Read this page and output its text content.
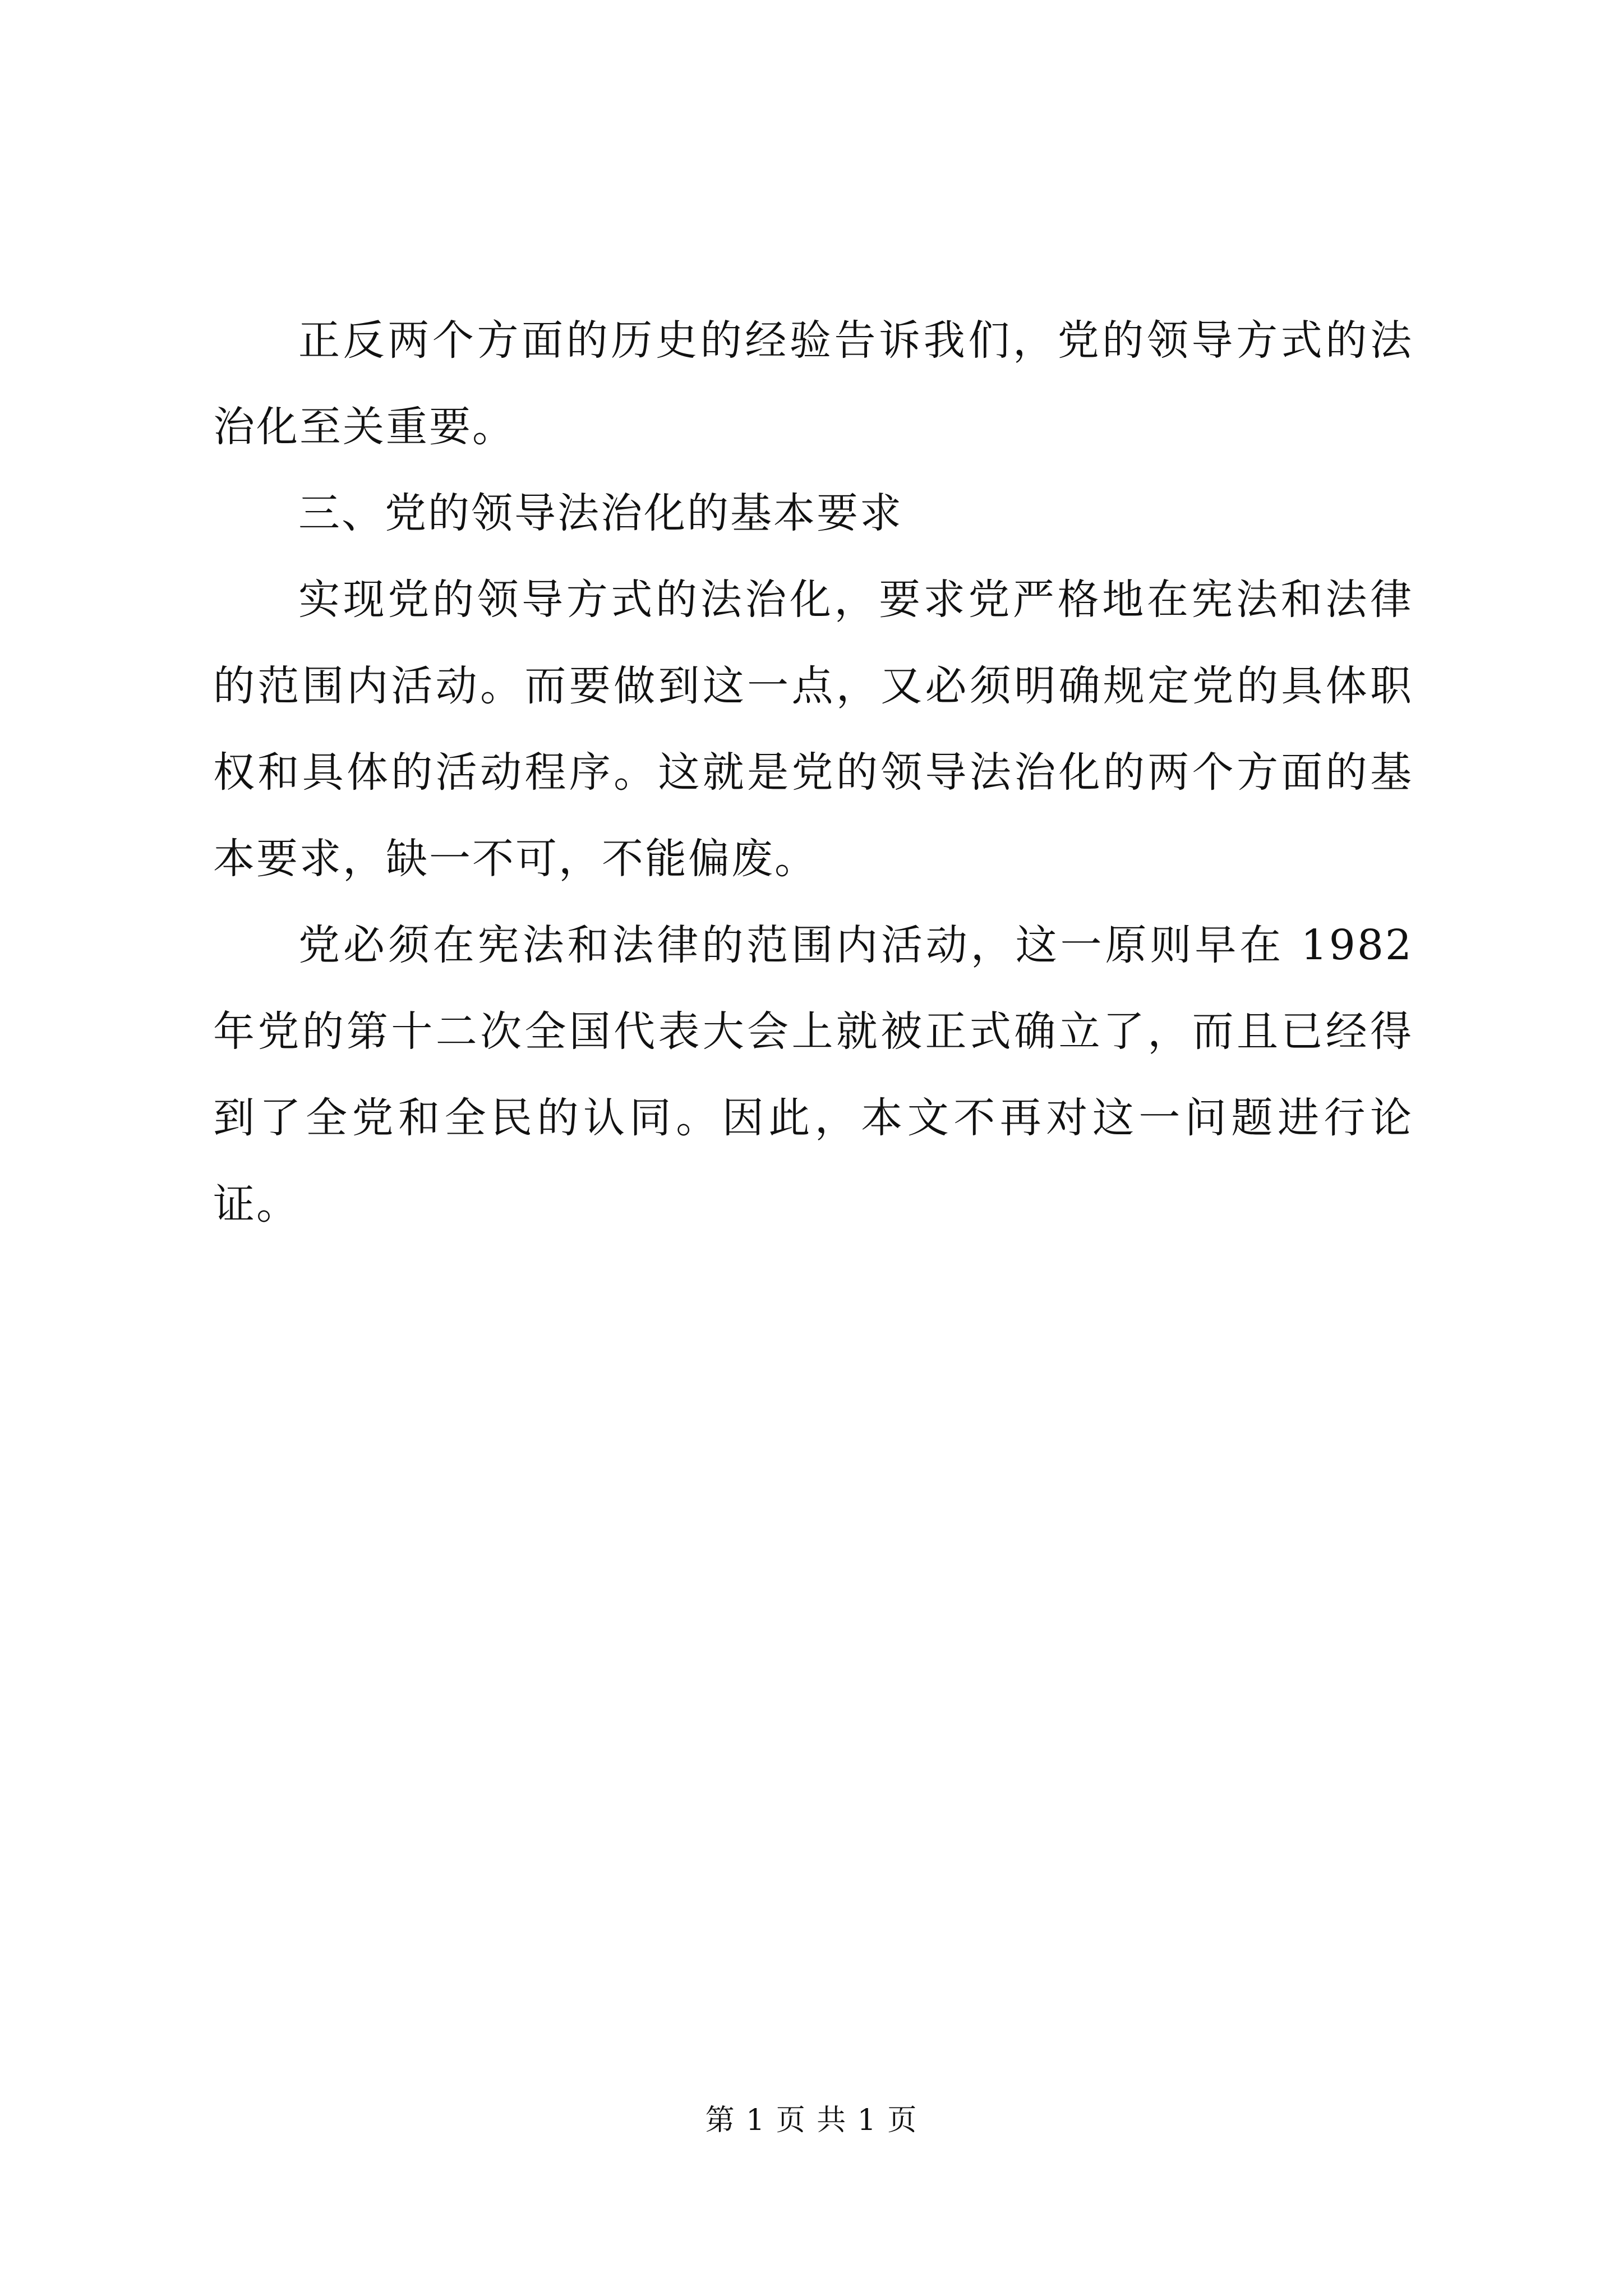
正反两个方面的历史的经验告诉我们，党的领导方式的法治化至关重要。

三、党的领导法治化的基本要求

实现党的领导方式的法治化，要求党严格地在宪法和法律的范围内活动。而要做到这一点，又必须明确规定党的具体职权和具体的活动程序。这就是党的领导法治化的两个方面的基本要求，缺一不可，不能偏废。

党必须在宪法和法律的范围内活动，这一原则早在 1982 年党的第十二次全国代表大会上就被正式确立了，而且已经得到了全党和全民的认同。因此，本文不再对这一问题进行论证。

第 1 页 共 1 页
